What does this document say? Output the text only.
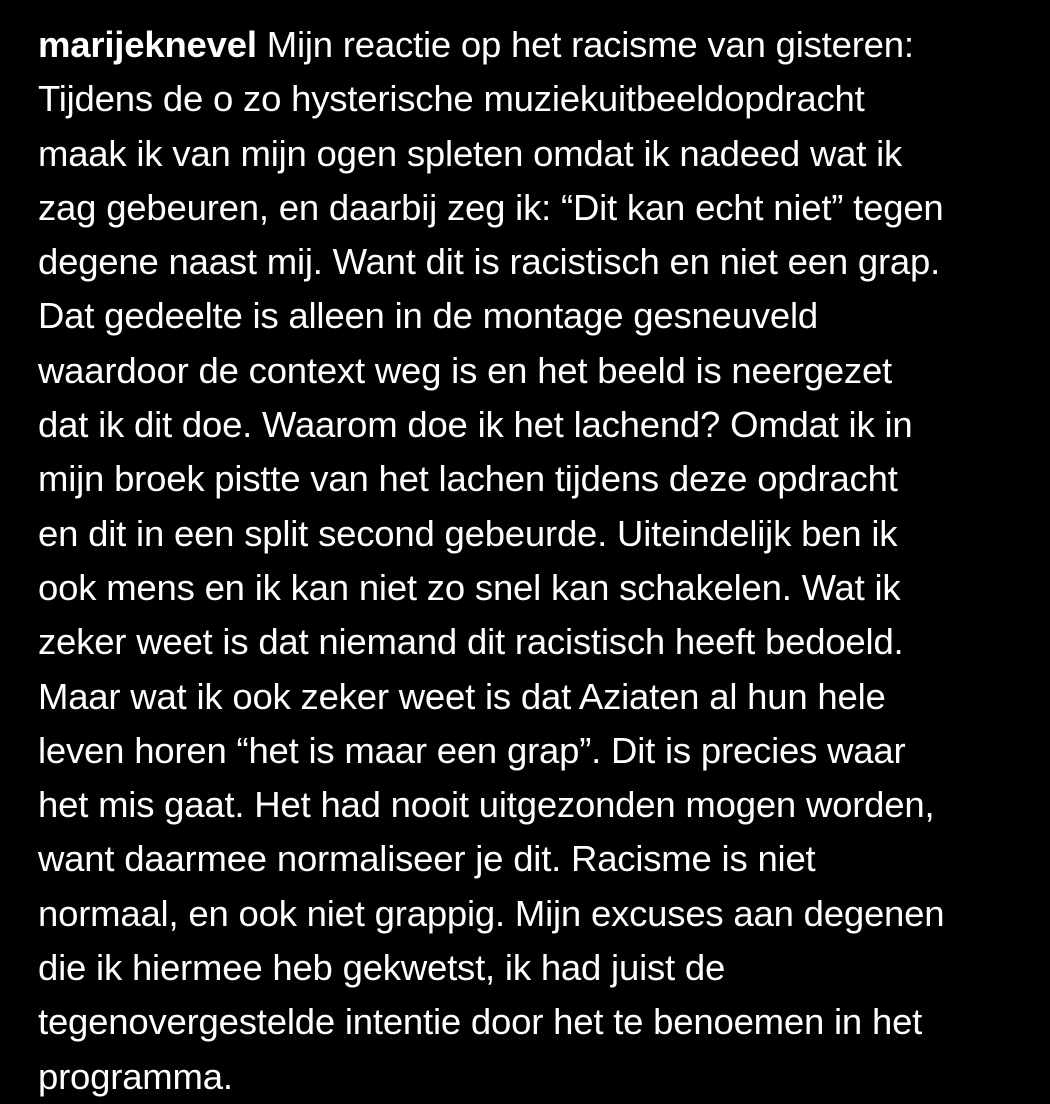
marijeknevel Mijn reactie op het racisme van gisteren:
Tijdens de o zo hysterische muziekuitbeeldopdracht
maak ik van mijn ogen spleten omdat ik nadeed wat ik
zag gebeuren, en daarbij zeg ik: “Dit kan echt niet” tegen
degene naast mij. Want dit is racistisch en niet een grap.
Dat gedeelte is alleen in de montage gesneuveld
waardoor de context weg is en het beeld is neergezet
dat ik dit doe. Waarom doe ik het lachend? Omdat ik in
mijn broek pistte van het lachen tijdens deze opdracht
en dit in een split second gebeurde. Uiteindelijk ben ik
ook mens en ik kan niet zo snel kan schakelen. Wat ik
zeker weet is dat niemand dit racistisch heeft bedoeld.
Maar wat ik ook zeker weet is dat Aziaten al hun hele
leven horen “het is maar een grap”. Dit is precies waar
het mis gaat. Het had nooit uitgezonden mogen worden,
want daarmee normaliseer je dit. Racisme is niet
normaal, en ook niet grappig. Mijn excuses aan degenen
die ik hiermee heb gekwetst, ik had juist de
tegenovergestelde intentie door het te benoemen in het
programma.
